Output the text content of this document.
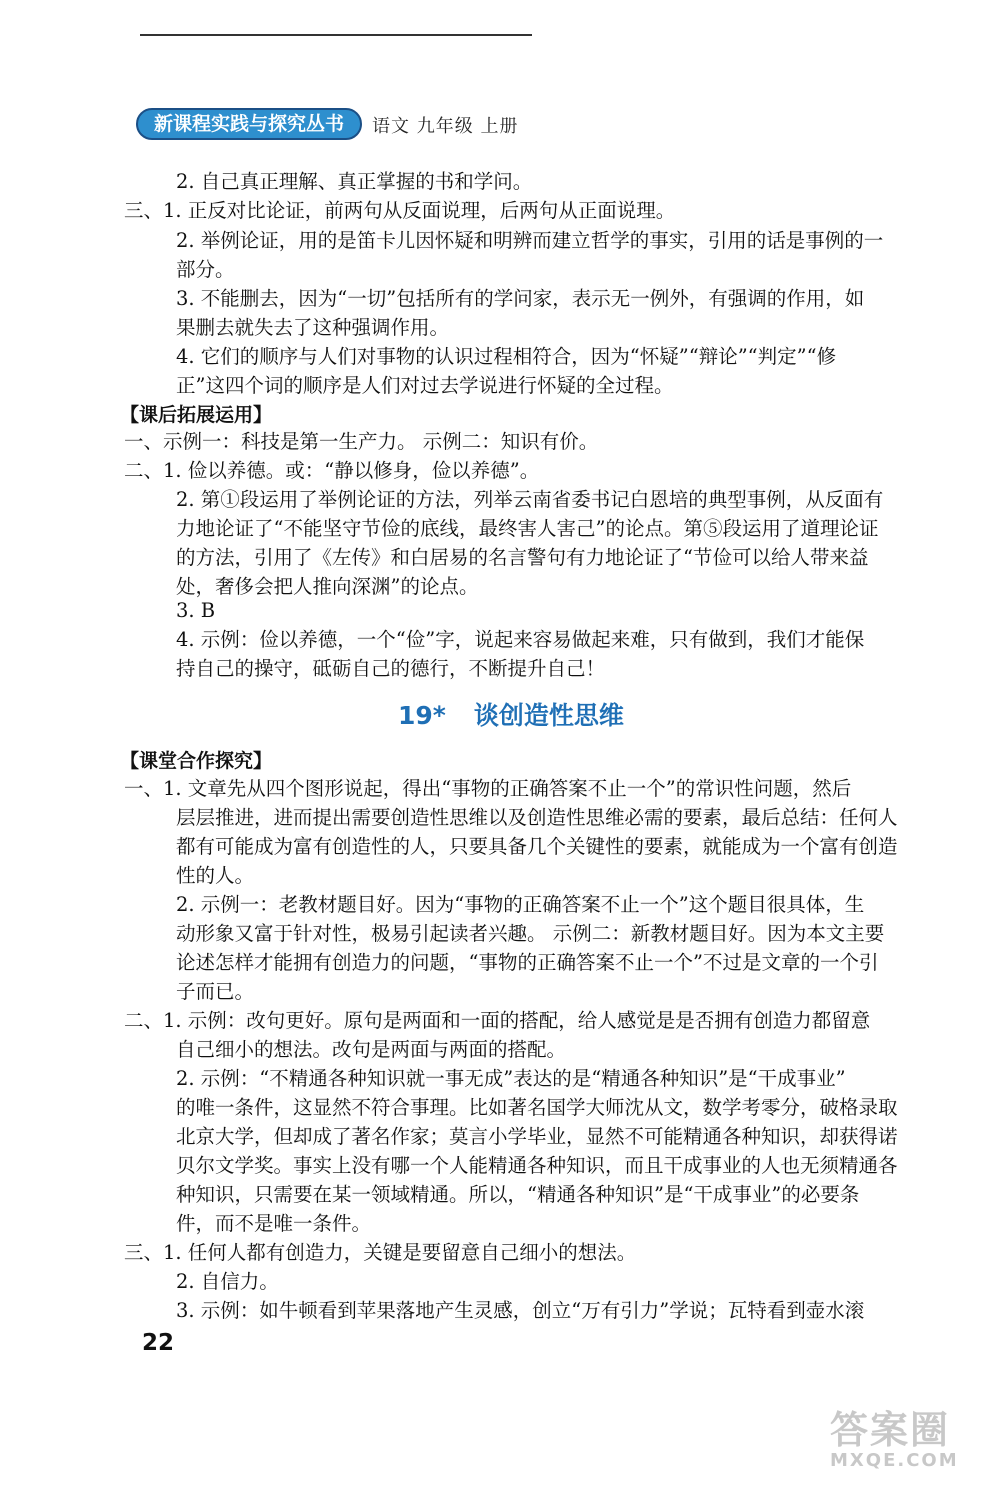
新课程实践与探究丛书	语文 九年级 上册
2. 自己真正理解、真正掌握的书和学问。
三、1. 正反对比论证，前两句从反面说理，后两句从正面说理。
2. 举例论证，用的是笛卡儿因怀疑和明辨而建立哲学的事实，引用的话是事例的一
部分。
3. 不能删去，因为“一切”包括所有的学问家，表示无一例外，有强调的作用，如
果删去就失去了这种强调作用。
4. 它们的顺序与人们对事物的认识过程相符合，因为“怀疑”“辩论”“判定”“修
正”这四个词的顺序是人们对过去学说进行怀疑的全过程。
【课后拓展运用】
一、示例一：科技是第一生产力。 示例二：知识有价。
二、1. 俭以养德。或：“静以修身，俭以养德”。
2. 第①段运用了举例论证的方法，列举云南省委书记白恩培的典型事例，从反面有
力地论证了“不能坚守节俭的底线，最终害人害己”的论点。第⑤段运用了道理论证
的方法，引用了《左传》和白居易的名言警句有力地论证了“节俭可以给人带来益
处，奢侈会把人推向深渊”的论点。
3. B
4. 示例：俭以养德，一个“俭”字，说起来容易做起来难，只有做到，我们才能保
持自己的操守，砥砺自己的德行，不断提升自己！
19* 谈创造性思维
【课堂合作探究】
一、1. 文章先从四个图形说起，得出“事物的正确答案不止一个”的常识性问题，然后
层层推进，进而提出需要创造性思维以及创造性思维必需的要素，最后总结：任何人
都有可能成为富有创造性的人，只要具备几个关键性的要素，就能成为一个富有创造
性的人。
2. 示例一：老教材题目好。因为“事物的正确答案不止一个”这个题目很具体，生
动形象又富于针对性，极易引起读者兴趣。 示例二：新教材题目好。因为本文主要
论述怎样才能拥有创造力的问题，“事物的正确答案不止一个”不过是文章的一个引
子而已。
二、1. 示例：改句更好。原句是两面和一面的搭配，给人感觉是是否拥有创造力都留意
自己细小的想法。改句是两面与两面的搭配。
2. 示例：“不精通各种知识就一事无成”表达的是“精通各种知识”是“干成事业”
的唯一条件，这显然不符合事理。比如著名国学大师沈从文，数学考零分，破格录取
北京大学，但却成了著名作家；莫言小学毕业，显然不可能精通各种知识，却获得诺
贝尔文学奖。事实上没有哪一个人能精通各种知识，而且干成事业的人也无须精通各
种知识，只需要在某一领域精通。所以，“精通各种知识”是“干成事业”的必要条
件，而不是唯一条件。
三、1. 任何人都有创造力，关键是要留意自己细小的想法。
2. 自信力。
3. 示例：如牛顿看到苹果落地产生灵感，创立“万有引力”学说；瓦特看到壶水滚
22
答案圈
MXQE.COM
